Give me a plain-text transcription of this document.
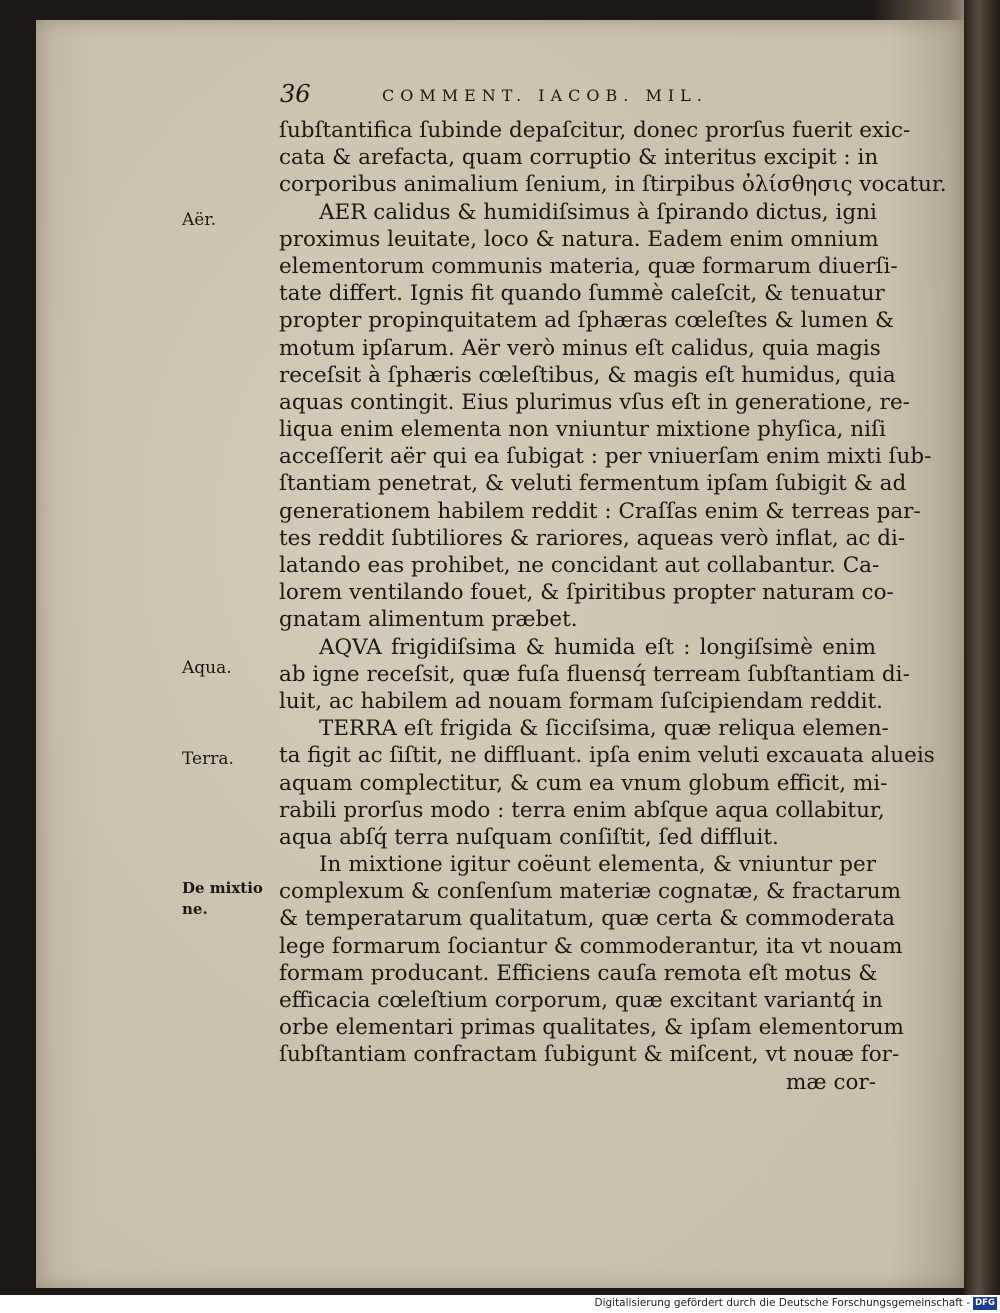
36	COMMENT. IACOB. MIL.
Aër.
Aqua.
Terra.
De mixtio
ne.
ſubſtantifica ſubinde depaſcitur, donec prorſus fuerit exic-
cata & arefacta, quam corruptio & interitus excipit : in
corporibus animalium ſenium, in ſtirpibus ὀλίσθησις vocatur.
AER calidus & humidiſsimus à ſpirando dictus, igni
proximus leuitate, loco & natura. Eadem enim omnium
elementorum communis materia, quæ formarum diuerſi-
tate differt. Ignis fit quando ſummè caleſcit, & tenuatur
propter propinquitatem ad ſphæras cœleſtes & lumen &
motum ipſarum. Aër verò minus eſt calidus, quia magis
receſsit à ſphæris cœleſtibus, & magis eſt humidus, quia
aquas contingit. Eius plurimus vſus eſt in generatione, re-
liqua enim elementa non vniuntur mixtione phyſica, niſi
acceſſerit aër qui ea ſubigat : per vniuerſam enim mixti ſub-
ſtantiam penetrat, & veluti fermentum ipſam ſubigit & ad
generationem habilem reddit : Craſſas enim & terreas par-
tes reddit ſubtiliores & rariores, aqueas verò inflat, ac di-
latando eas prohibet, ne concidant aut collabantur. Ca-
lorem ventilando fouet, & ſpiritibus propter naturam co-
gnatam alimentum præbet.
AQVA frigidiſsima & humida eſt : longiſsimè enim
ab igne receſsit, quæ fuſa fluensq́ terream ſubſtantiam di-
luit, ac habilem ad nouam formam ſuſcipiendam reddit.
TERRA eſt frigida & ſicciſsima, quæ reliqua elemen-
ta figit ac ſiſtit, ne diffluant. ipſa enim veluti excauata alueis
aquam complectitur, & cum ea vnum globum efficit, mi-
rabili prorſus modo : terra enim abſque aqua collabitur,
aqua abſq́ terra nuſquam conſiſtit, ſed diffluit.
In mixtione igitur coëunt elementa, & vniuntur per
complexum & conſenſum materiæ cognatæ, & fractarum
& temperatarum qualitatum, quæ certa & commoderata
lege formarum ſociantur & commoderantur, ita vt nouam
formam producant. Efficiens cauſa remota eſt motus &
efficacia cœleſtium corporum, quæ excitant variantq́ in
orbe elementari primas qualitates, & ipſam elementorum
ſubſtantiam confractam ſubigunt & miſcent, vt nouæ for-
mæ cor-
Digitalisierung gefördert durch die Deutsche Forschungsgemeinschaft - DFG
